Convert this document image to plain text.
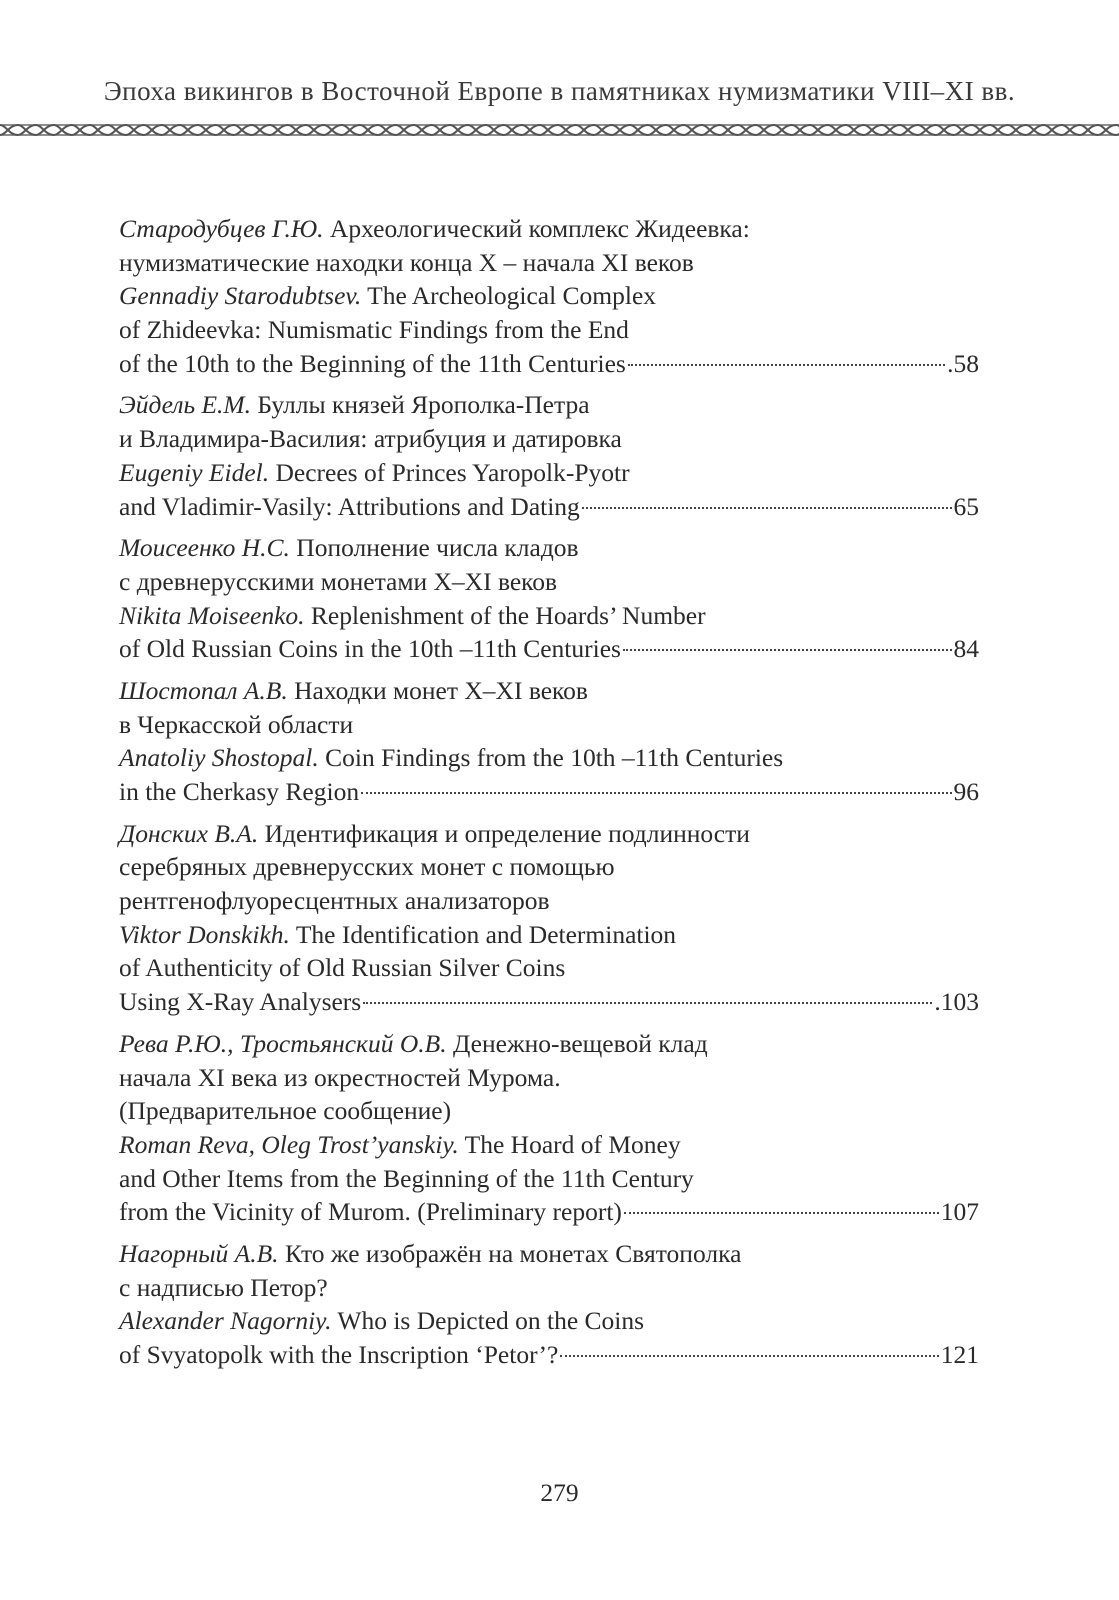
Эпоха викингов в Восточной Европе в памятниках нумизматики VIII–XI вв.
Стародубцев Г.Ю. Археологический комплекс Жидеевка:
нумизматические находки конца X – начала XI веков
Gennadiy Starodubtsev. The Archeological Complex
of Zhideevka: Numismatic Findings from the End
of the 10th to the Beginning of the 11th Centuries	.58
Эйдель Е.М. Буллы князей Ярополка-Петра
и Владимира-Василия: атрибуция и датировка
Eugeniy Eidel. Decrees of Princes Yaropolk-Pyotr
and Vladimir-Vasily: Attributions and Dating	65
Моисеенко Н.С. Пополнение числа кладов
с древнерусскими монетами X–XI веков
Nikita Moiseenko. Replenishment of the Hoards’ Number
of Old Russian Coins in the 10th –11th Centuries	84
Шостопал А.В. Находки монет X–XI веков
в Черкасской области
Anatoliy Shostopal. Coin Findings from the 10th –11th Centuries
in the Cherkasy Region	96
Донских В.А. Идентификация и определение подлинности
серебряных древнерусских монет с помощью
рентгенофлуоресцентных анализаторов
Viktor Donskikh. The Identification and Determination
of Authenticity of Old Russian Silver Coins
Using X-Ray Analysers	.103
Рева Р.Ю., Тростьянский О.В. Денежно-вещевой клад
начала XI века из окрестностей Мурома.
(Предварительное сообщение)
Roman Reva, Oleg Trost’yanskiy. The Hoard of Money
and Other Items from the Beginning of the 11th Century
from the Vicinity of Murom. (Preliminary report)	107
Нагорный А.В. Кто же изображён на монетах Святополка
с надписью Петор?
Alexander Nagorniy. Who is Depicted on the Coins
of Svyatopolk with the Inscription ‘Petor’?	121
279
